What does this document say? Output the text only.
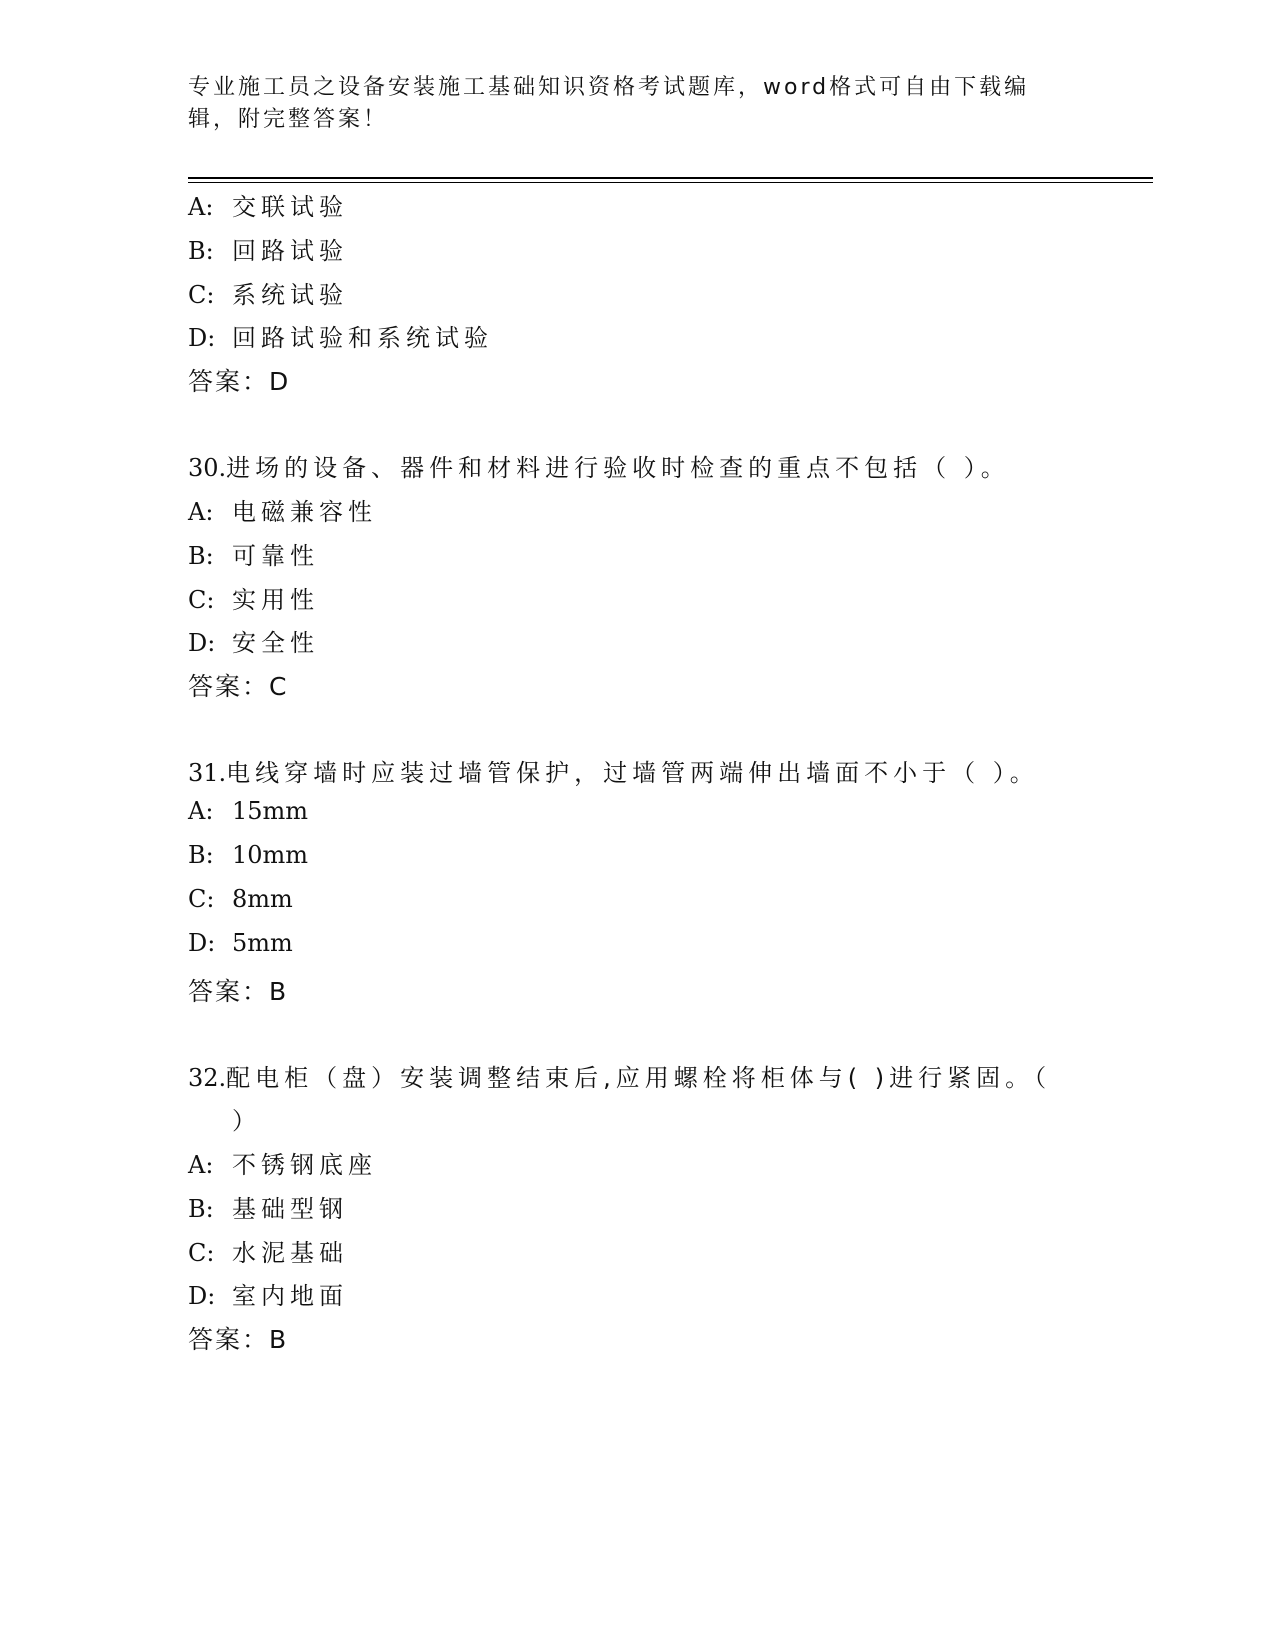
专业施工员之设备安装施工基础知识资格考试题库，word格式可自由下载编辑，附完整答案！
A: 交联试验
B: 回路试验
C: 系统试验
D: 回路试验和系统试验
答案：D
30.进场的设备、器件和材料进行验收时检查的重点不包括（ ）。
A: 电磁兼容性
B: 可靠性
C: 实用性
D: 安全性
答案：C
31.电线穿墙时应装过墙管保护，过墙管两端伸出墙面不小于（ ）。
A: 15mm
B: 10mm
C: 8mm
D: 5mm
答案：B
32.配电柜（盘）安装调整结束后,应用螺栓将柜体与( )进行紧固。（
）
A: 不锈钢底座
B: 基础型钢
C: 水泥基础
D: 室内地面
答案：B
